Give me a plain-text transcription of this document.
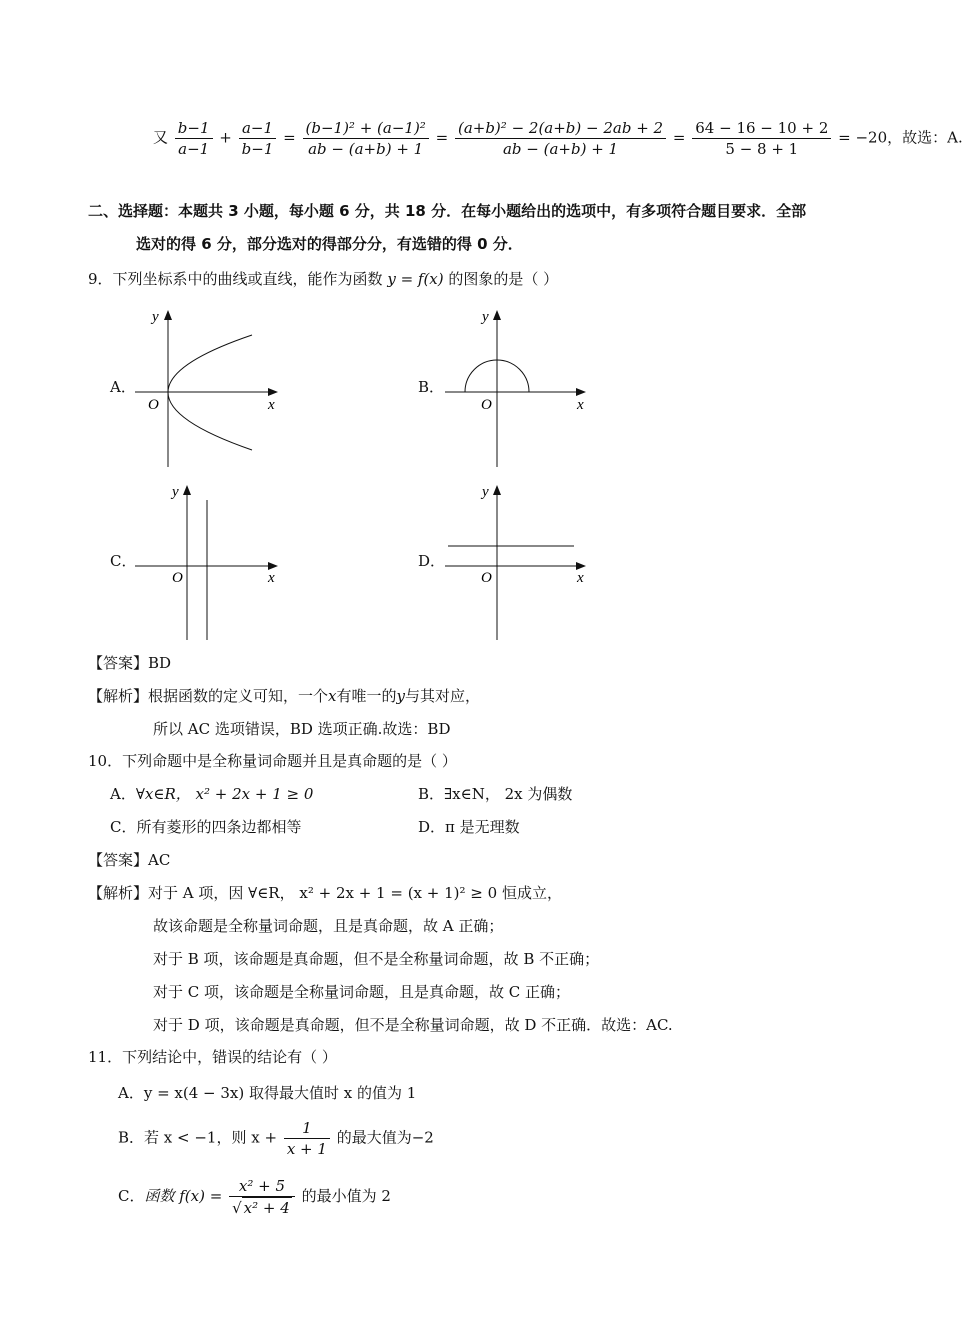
又 $\frac{b-1}{a-1} + \frac{a-1}{b-1} = \frac{\text{(b−1)² + (a−1)²}}{ab - (a+b) + 1} = \frac{\text{(a+b)² − 2(a+b) − 2ab + 2}}{ab - (a+b) + 1} = \frac{64 - 16 - 10 + 2}{5 - 8 + 1} = -20$，故选：A.
二、选择题：本题共 3 小题，每小题 6 分，共 18 分．在每小题给出的选项中，有多项符合题目要求．全部
选对的得 6 分，部分选对的得部分分，有选错的得 0 分．
9．下列坐标系中的曲线或直线，能作为函数 y = f(x) 的图象的是（ ）
A．	B．
C．	D．
x
y
O	x
y
O
x
y
O	x
y
O
【答案】BD
【解析】根据函数的定义可知，一个x有唯一的y与其对应，
所以 AC 选项错误，BD 选项正确.故选：BD
10．下列命题中是全称量词命题并且是真命题的是（ ）
A．∀x∈R， x² + 2x + 1 ≥ 0	B．∃x∈N， 2x 为偶数
C．所有菱形的四条边都相等	D．π 是无理数
【答案】AC
【解析】对于 A 项，因 ∀∈R， x² + 2x + 1 = (x + 1)² ≥ 0 恒成立，
故该命题是全称量词命题，且是真命题，故 A 正确；
对于 B 项，该命题是真命题，但不是全称量词命题，故 B 不正确；
对于 C 项，该命题是全称量词命题，且是真命题，故 C 正确；
对于 D 项，该命题是真命题，但不是全称量词命题，故 D 不正确．故选：AC.
11．下列结论中，错误的结论有（ ）
A．y = x(4 − 3x) 取得最大值时 x 的值为 1
B．若 x < −1，则 $x + \frac{1}{x + 1}$ 的最大值为−2
C．函数 $f(x) = \frac{\text{x² + 5}}{\text{√ x² + 4}}$ 的最小值为 2
